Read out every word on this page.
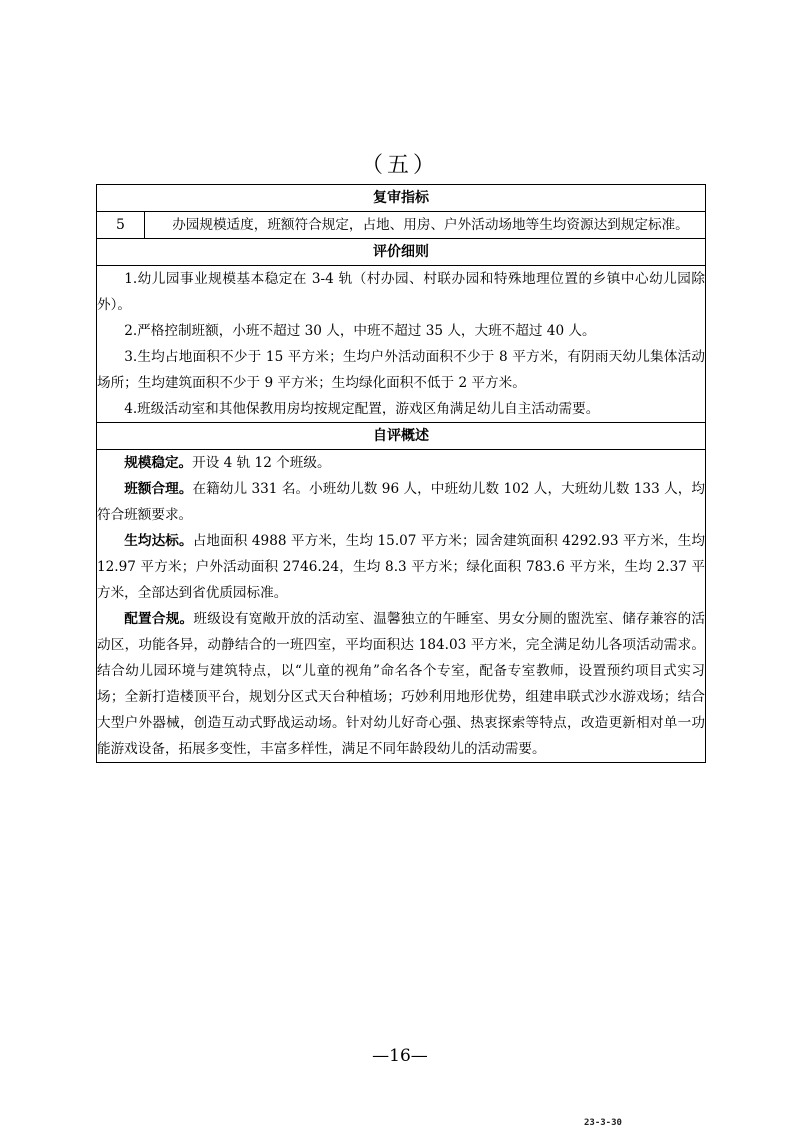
（五）
复审指标
5	办园规模适度，班额符合规定，占地、用房、户外活动场地等生均资源达到规定标准。

评价细则

1.幼儿园事业规模基本稳定在 3-4 轨（村办园、村联办园和特殊地理位置的乡镇中心幼儿园除外）。

2.严格控制班额，小班不超过 30 人，中班不超过 35 人，大班不超过 40 人。

3.生均占地面积不少于 15 平方米；生均户外活动面积不少于 8 平方米，有阴雨天幼儿集体活动场所；生均建筑面积不少于 9 平方米；生均绿化面积不低于 2 平方米。

4.班级活动室和其他保教用房均按规定配置，游戏区角满足幼儿自主活动需要。

自评概述

规模稳定。开设 4 轨 12 个班级。

班额合理。在籍幼儿 331 名。小班幼儿数 96 人，中班幼儿数 102 人，大班幼儿数 133 人，均符合班额要求。

生均达标。占地面积 4988 平方米，生均 15.07 平方米；园舍建筑面积 4292.93 平方米，生均 12.97 平方米；户外活动面积 2746.24，生均 8.3 平方米；绿化面积 783.6 平方米，生均 2.37 平方米，全部达到省优质园标准。

配置合规。班级设有宽敞开放的活动室、温馨独立的午睡室、男女分厕的盥洗室、储存兼容的活动区，功能各异，动静结合的一班四室，平均面积达 184.03 平方米，完全满足幼儿各项活动需求。结合幼儿园环境与建筑特点，以“儿童的视角”命名各个专室，配备专室教师，设置预约项目式实习场；全新打造楼顶平台，规划分区式天台种植场；巧妙利用地形优势，组建串联式沙水游戏场；结合大型户外器械，创造互动式野战运动场。针对幼儿好奇心强、热衷探索等特点，改造更新相对单一功能游戏设备，拓展多变性，丰富多样性，满足不同年龄段幼儿的活动需要。

—16—
23-3-30
